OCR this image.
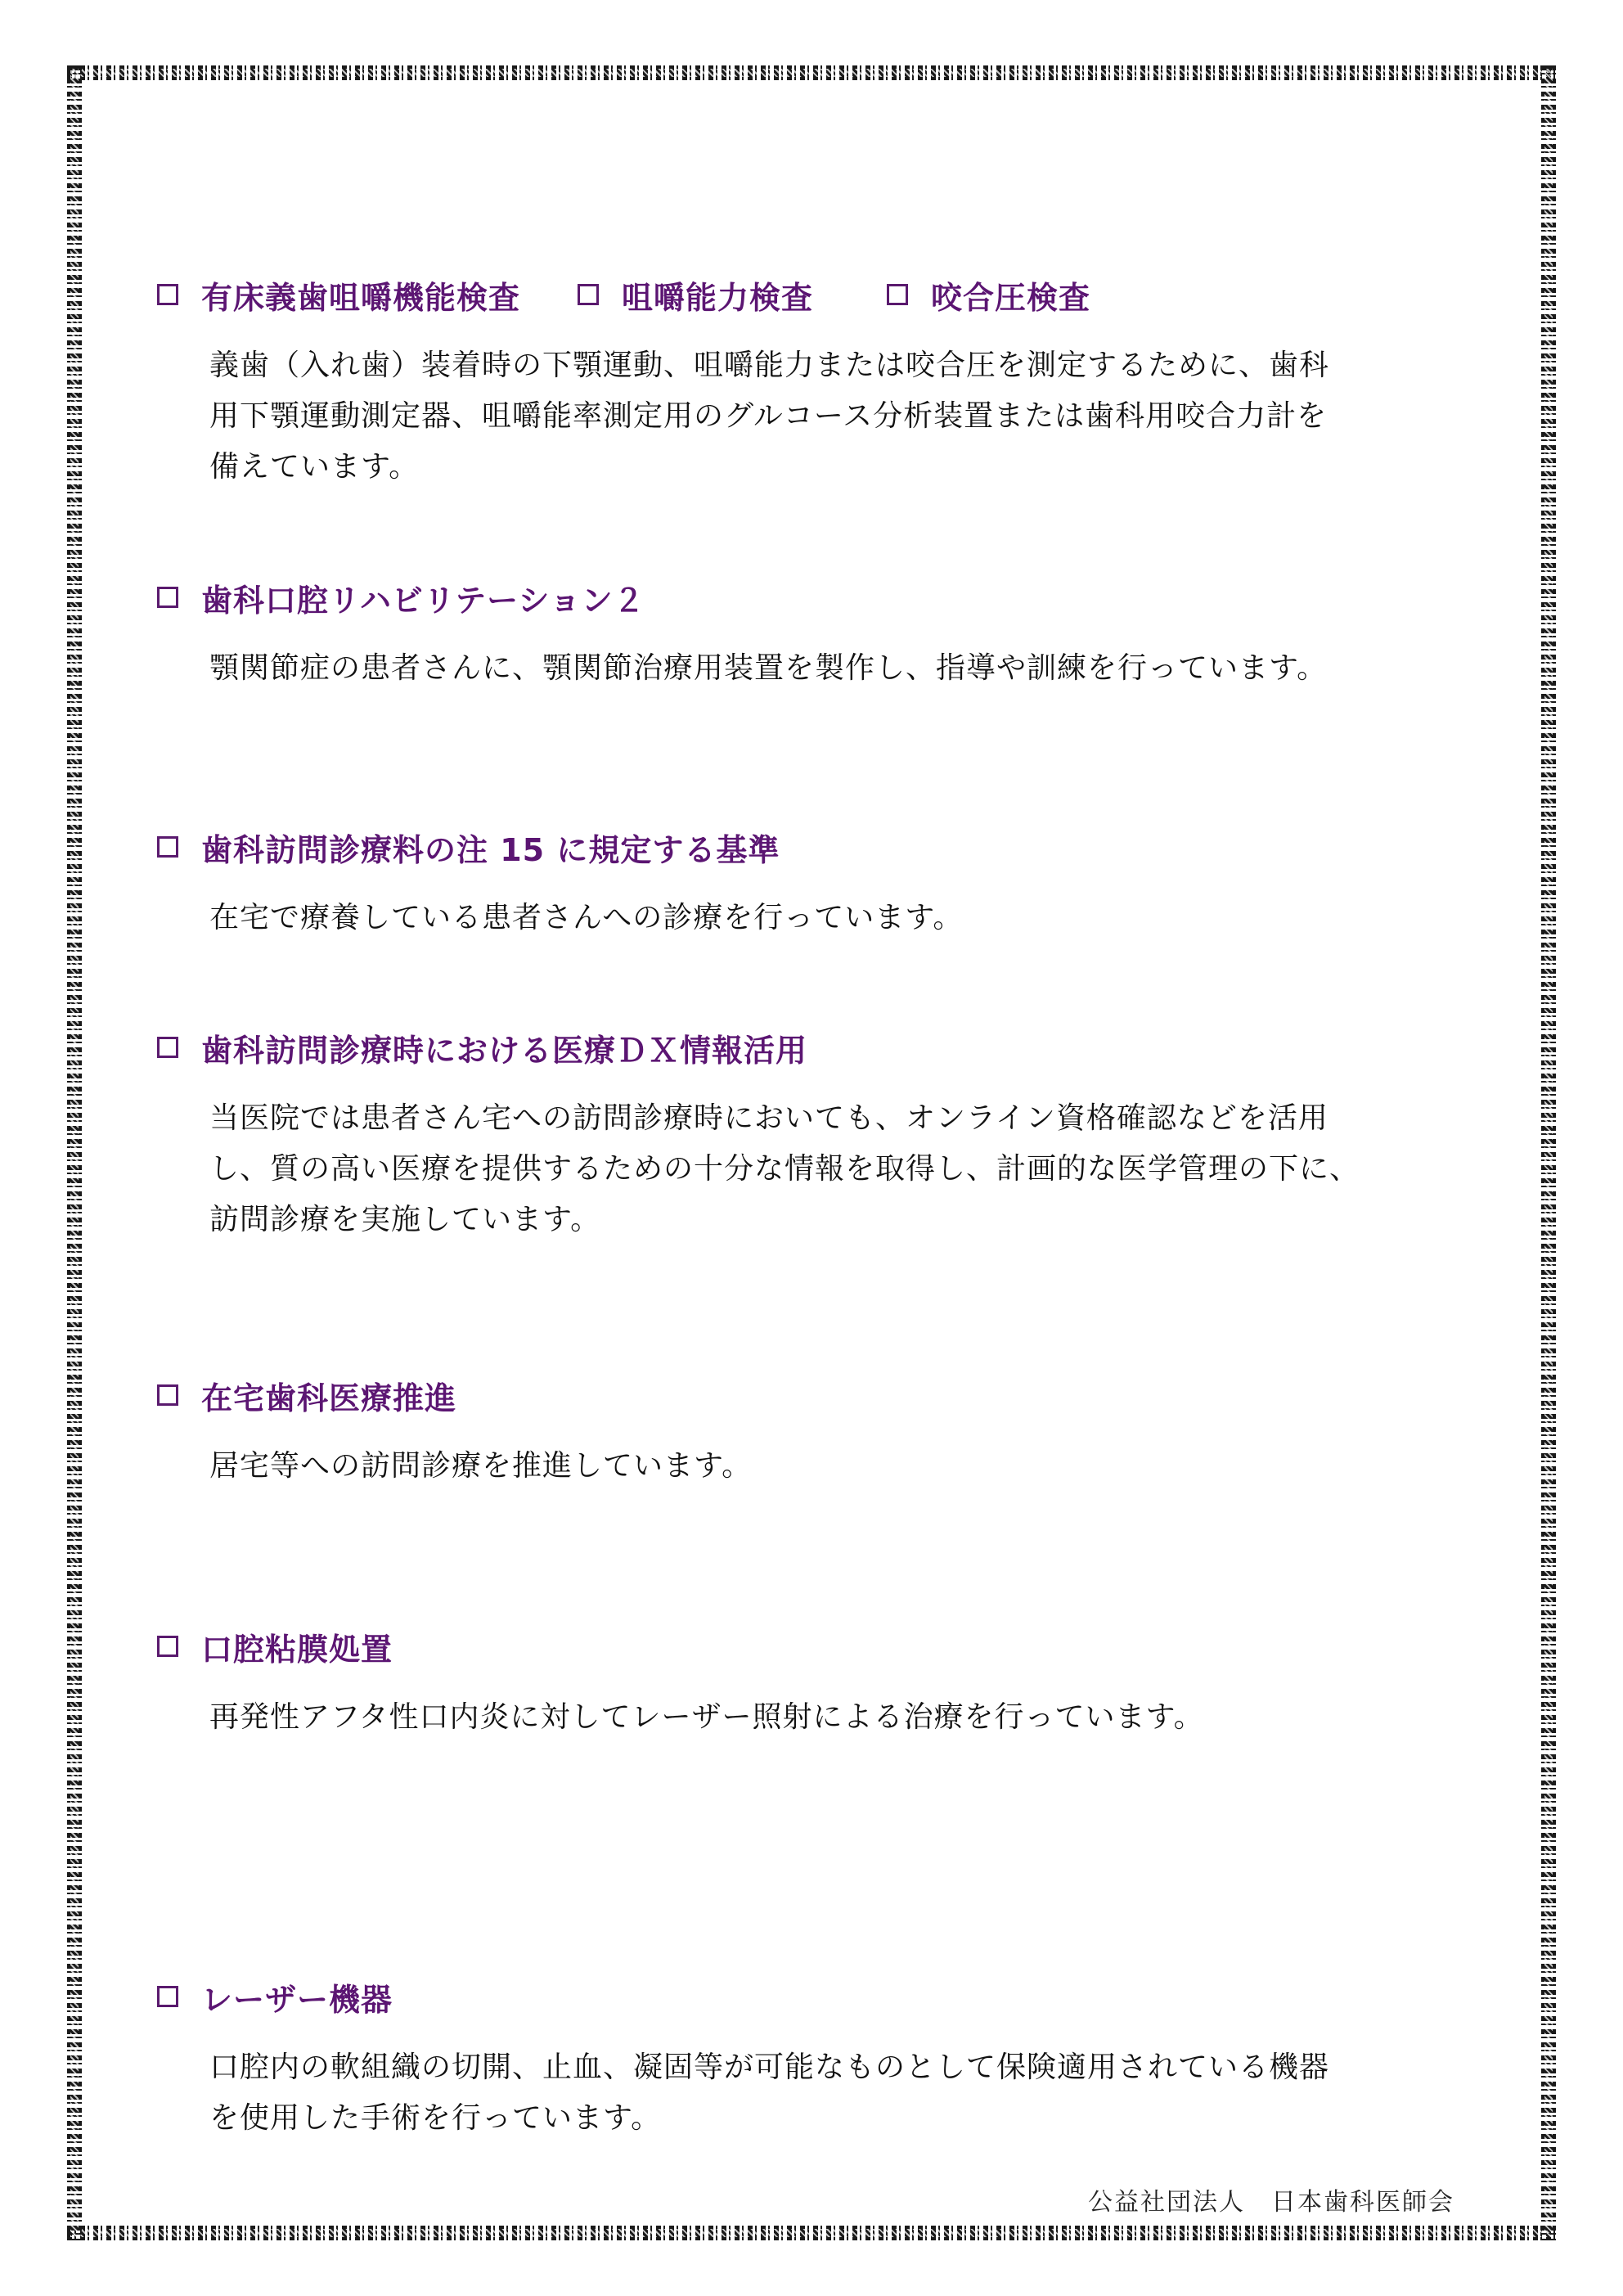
有床義歯咀嚼機能検査	咀嚼能力検査	咬合圧検査
義歯（入れ歯）装着時の下顎運動、咀嚼能力または咬合圧を測定するために、歯科
用下顎運動測定器、咀嚼能率測定用のグルコース分析装置または歯科用咬合力計を
備えています。
歯科口腔リハビリテーション２
顎関節症の患者さんに、顎関節治療用装置を製作し、指導や訓練を行っています。
歯科訪問診療料の注 15 に規定する基準
在宅で療養している患者さんへの診療を行っています。
歯科訪問診療時における医療ＤＸ情報活用
当医院では患者さん宅への訪問診療時においても、オンライン資格確認などを活用
し、質の高い医療を提供するための十分な情報を取得し、計画的な医学管理の下に、
訪問診療を実施しています。
在宅歯科医療推進
居宅等への訪問診療を推進しています。
口腔粘膜処置
再発性アフタ性口内炎に対してレーザー照射による治療を行っています。
レーザー機器
口腔内の軟組織の切開、止血、凝固等が可能なものとして保険適用されている機器
を使用した手術を行っています。
公益社団法人　日本歯科医師会
